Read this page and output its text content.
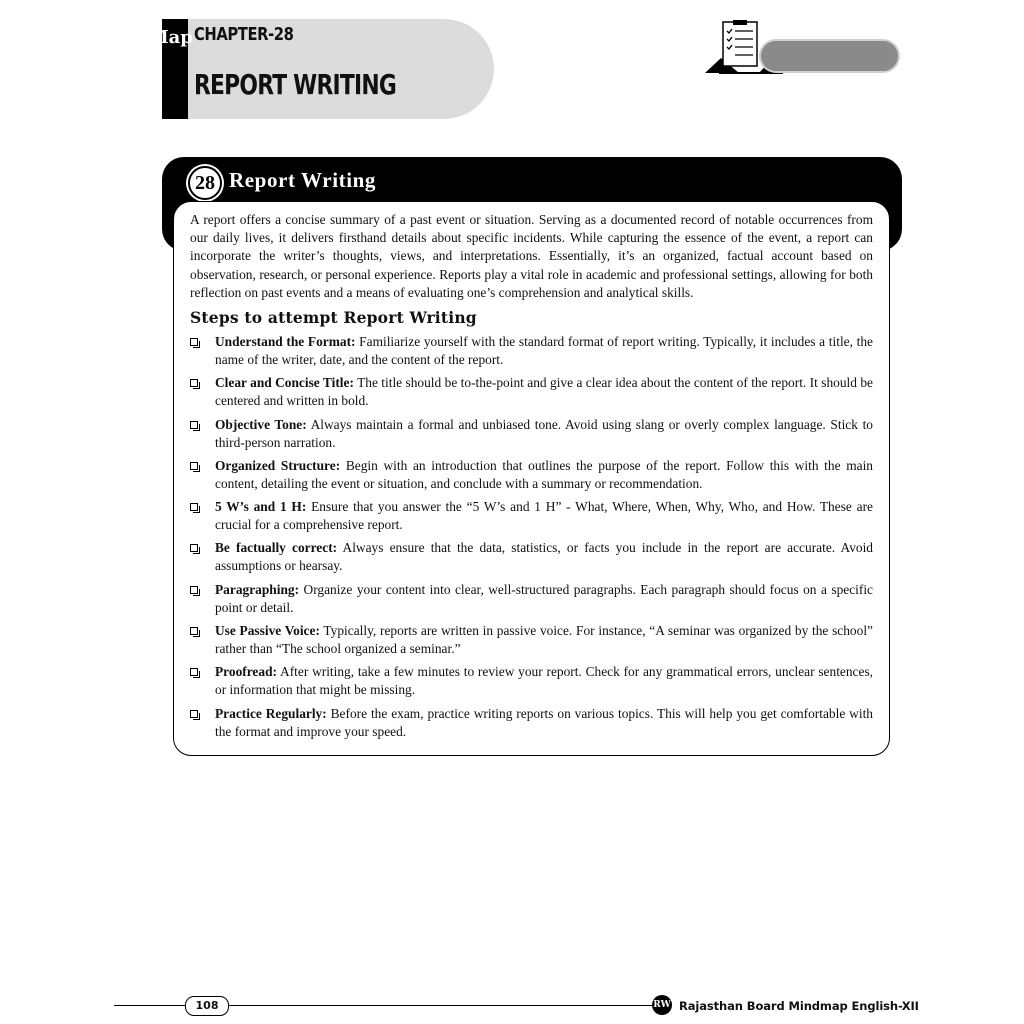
CHAPTER-28
REPORT WRITING
Mind Map
28 Report Writing

A report offers a concise summary of a past event or situation. Serving as a documented record of notable occurrences from our daily lives, it delivers firsthand details about specific incidents. While capturing the essence of the event, a report can incorporate the writer’s thoughts, views, and interpretations. Essentially, it’s an organized, factual account based on observation, research, or personal experience. Reports play a vital role in academic and professional settings, allowing for both reflection on past events and a means of evaluating one’s comprehension and analytical skills.

Steps to attempt Report Writing
Understand the Format: Familiarize yourself with the standard format of report writing. Typically, it includes a title, the name of the writer, date, and the content of the report.
Clear and Concise Title: The title should be to-the-point and give a clear idea about the content of the report. It should be centered and written in bold.
Objective Tone: Always maintain a formal and unbiased tone. Avoid using slang or overly complex language. Stick to third-person narration.
Organized Structure: Begin with an introduction that outlines the purpose of the report. Follow this with the main content, detailing the event or situation, and conclude with a summary or recommendation.
5 W’s and 1 H: Ensure that you answer the “5 W’s and 1 H” - What, Where, When, Why, Who, and How. These are crucial for a comprehensive report.
Be factually correct: Always ensure that the data, statistics, or facts you include in the report are accurate. Avoid assumptions or hearsay.
Paragraphing: Organize your content into clear, well-structured paragraphs. Each paragraph should focus on a specific point or detail.
Use Passive Voice: Typically, reports are written in passive voice. For instance, “A seminar was organized by the school” rather than “The school organized a seminar.”
Proofread: After writing, take a few minutes to review your report. Check for any grammatical errors, unclear sentences, or information that might be missing.
Practice Regularly: Before the exam, practice writing reports on various topics. This will help you get comfortable with the format and improve your speed.
108	RW Rajasthan Board Mindmap English-XII
